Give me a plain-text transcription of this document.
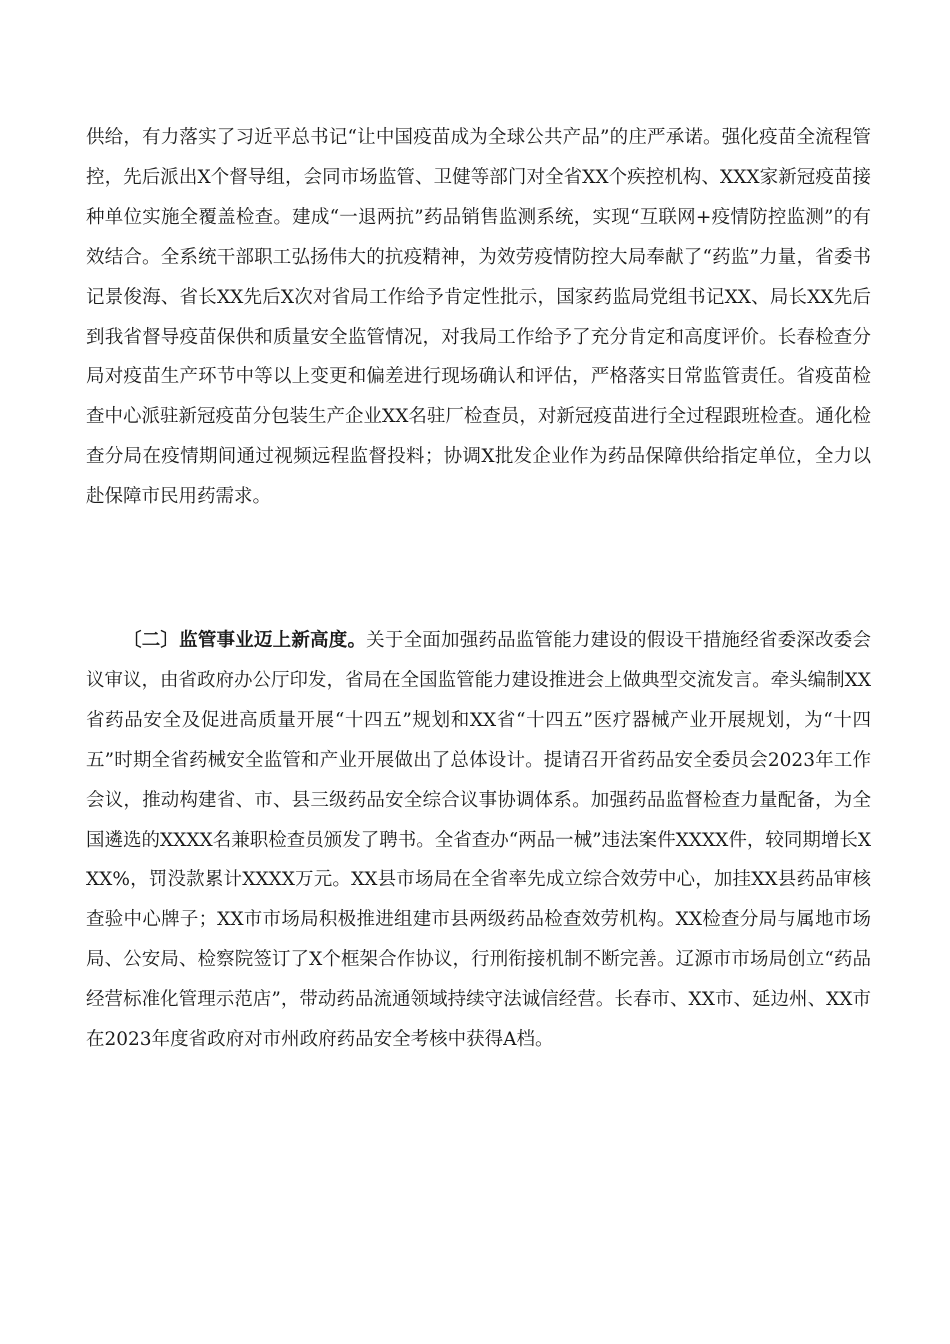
供给，有力落实了习近平总书记“让中国疫苗成为全球公共产品”的庄严承诺。强化疫苗全流程管控，先后派出X个督导组，会同市场监管、卫健等部门对全省XX个疾控机构、XXX家新冠疫苗接种单位实施全覆盖检查。建成“一退两抗”药品销售监测系统，实现“互联网+疫情防控监测”的有效结合。全系统干部职工弘扬伟大的抗疫精神，为效劳疫情防控大局奉献了“药监”力量，省委书记景俊海、省长XX先后X次对省局工作给予肯定性批示，国家药监局党组书记XX、局长XX先后到我省督导疫苗保供和质量安全监管情况，对我局工作给予了充分肯定和高度评价。长春检查分局对疫苗生产环节中等以上变更和偏差进行现场确认和评估，严格落实日常监管责任。省疫苗检查中心派驻新冠疫苗分包装生产企业XX名驻厂检查员，对新冠疫苗进行全过程跟班检查。通化检查分局在疫情期间通过视频远程监督投料；协调X批发企业作为药品保障供给指定单位，全力以赴保障市民用药需求。

〔二〕监管事业迈上新高度。关于全面加强药品监管能力建设的假设干措施经省委深改委会议审议，由省政府办公厅印发，省局在全国监管能力建设推进会上做典型交流发言。牵头编制XX省药品安全及促进高质量开展“十四五”规划和XX省“十四五”医疗器械产业开展规划，为“十四五”时期全省药械安全监管和产业开展做出了总体设计。提请召开省药品安全委员会2023年工作会议，推动构建省、市、县三级药品安全综合议事协调体系。加强药品监督检查力量配备，为全国遴选的XXXX名兼职检查员颁发了聘书。全省查办“两品一械”违法案件XXXX件，较同期增长XXX%，罚没款累计XXXX万元。XX县市场局在全省率先成立综合效劳中心，加挂XX县药品审核查验中心牌子；XX市市场局积极推进组建市县两级药品检查效劳机构。XX检查分局与属地市场局、公安局、检察院签订了X个框架合作协议，行刑衔接机制不断完善。辽源市市场局创立“药品经营标准化管理示范店”，带动药品流通领域持续守法诚信经营。长春市、XX市、延边州、XX市在2023年度省政府对市州政府药品安全考核中获得A档。
